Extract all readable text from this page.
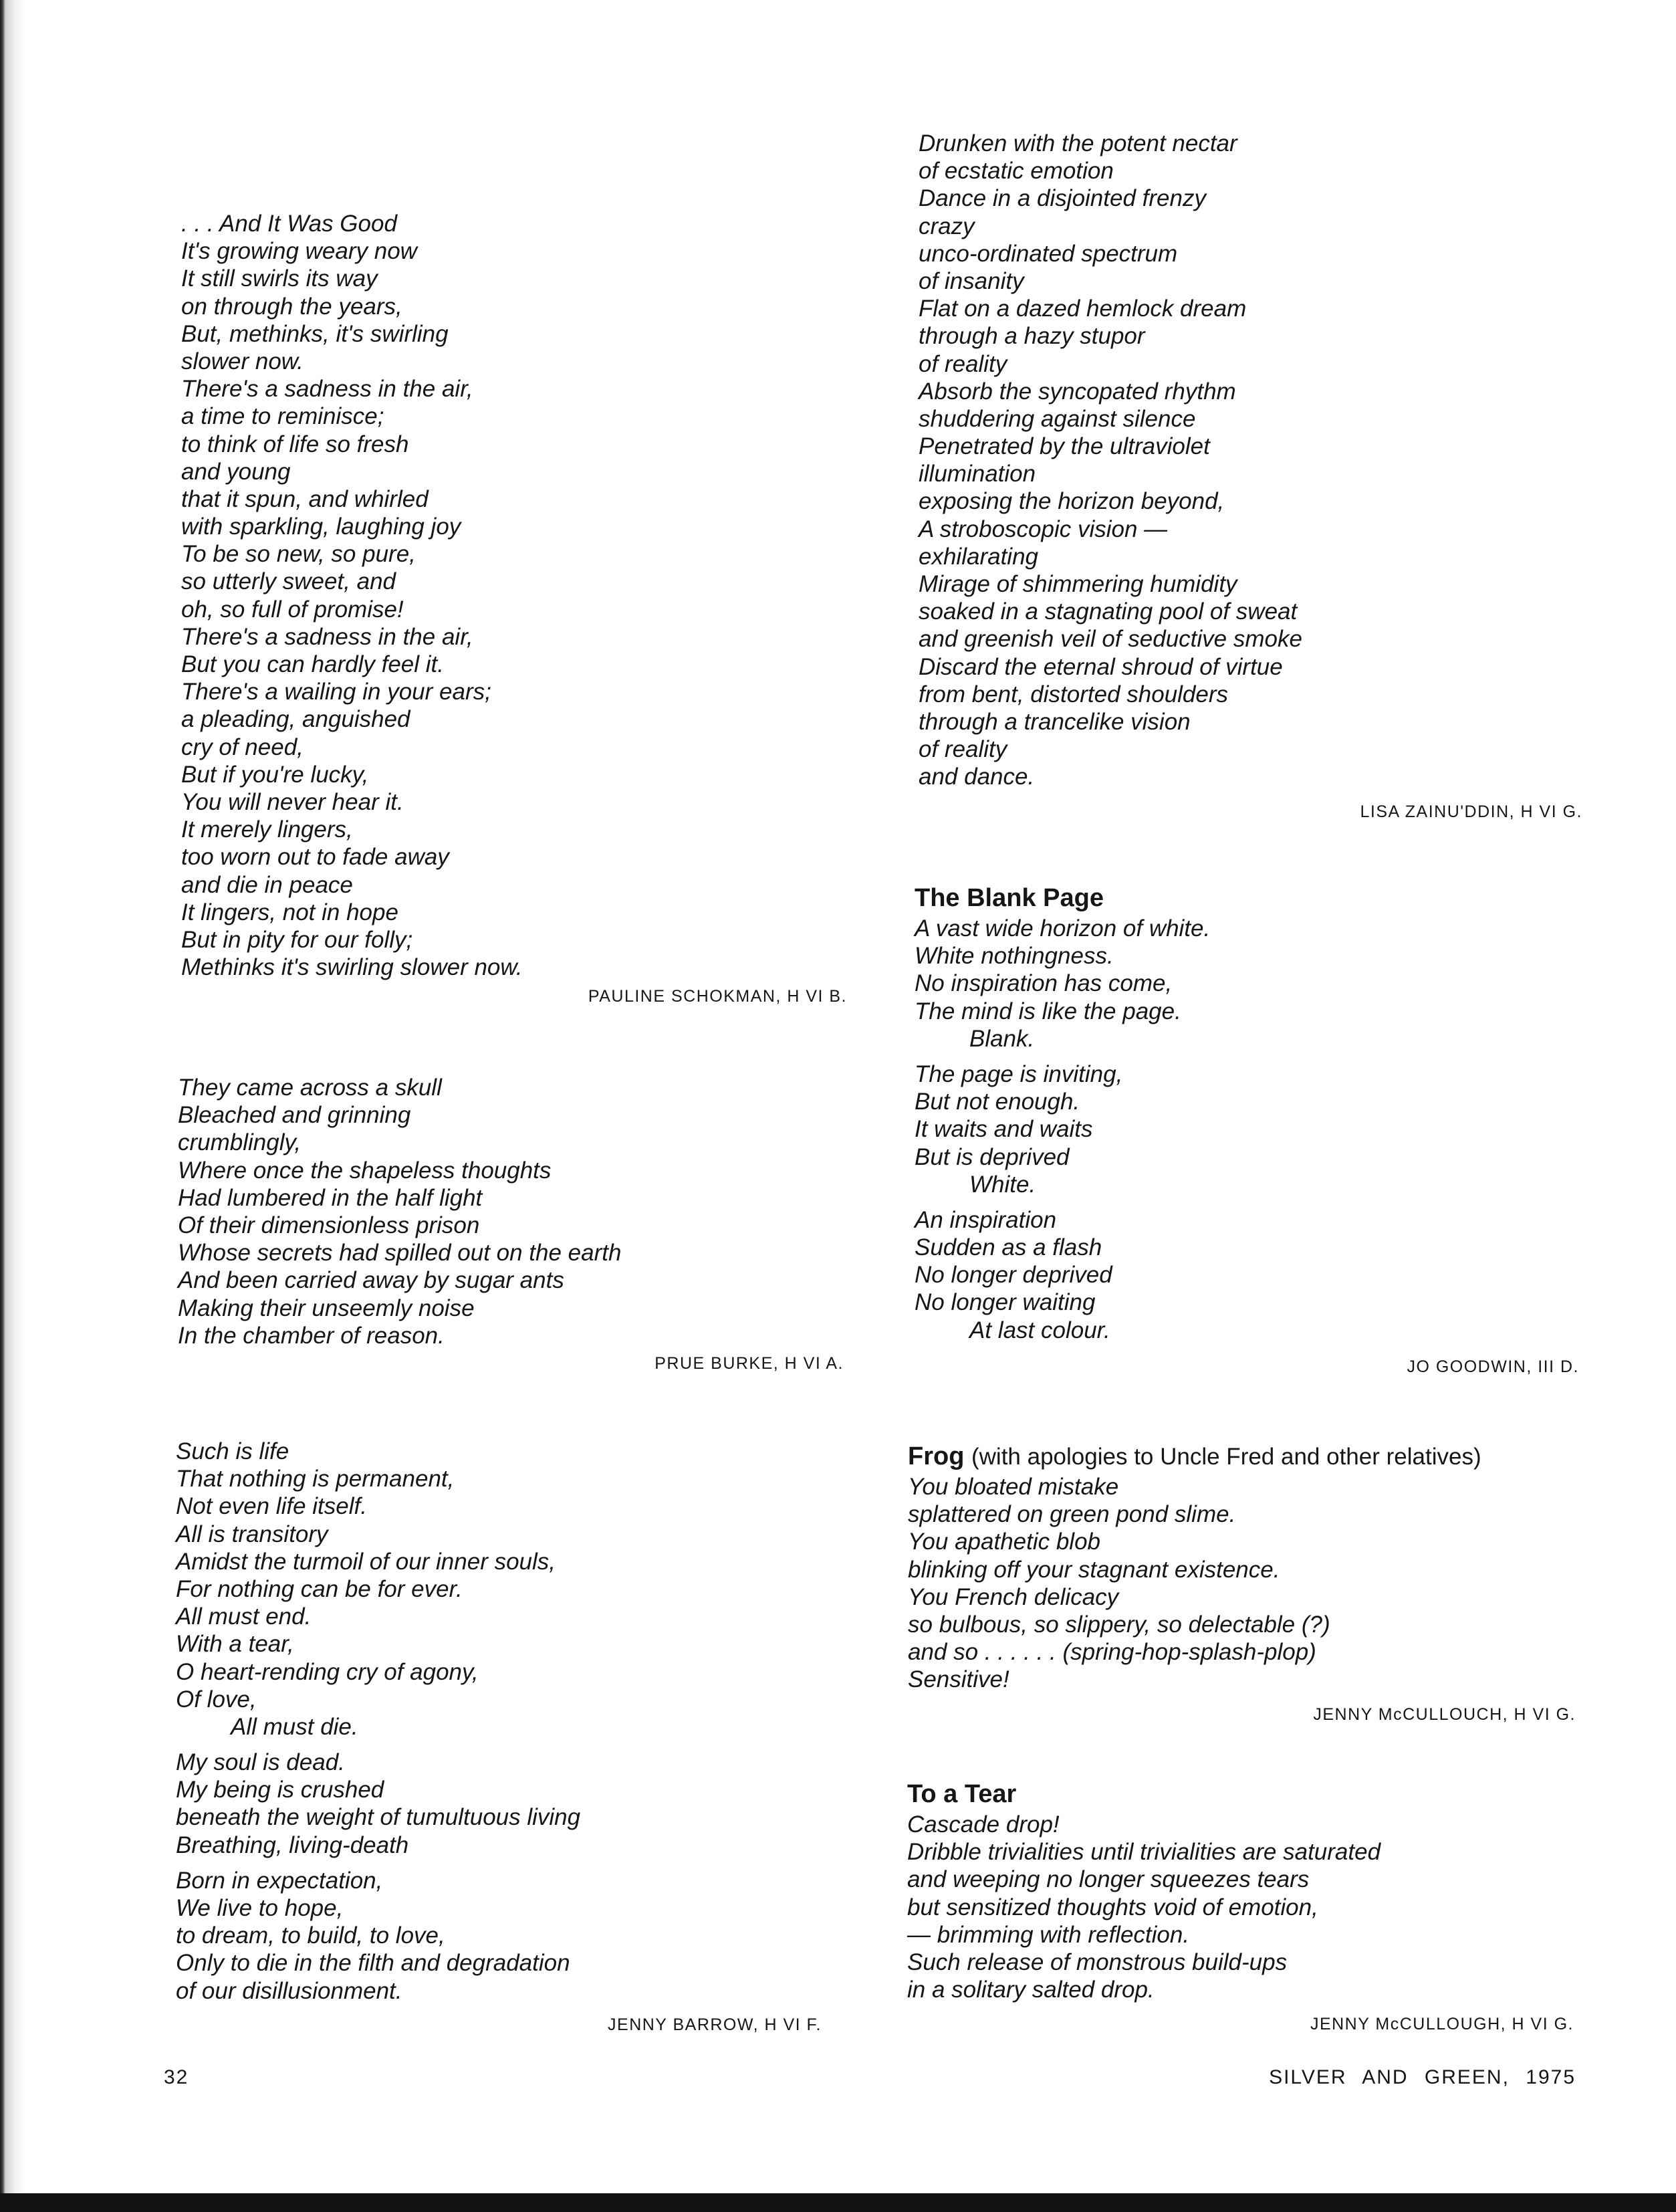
. . . And It Was Good
It's growing weary now
It still swirls its way
on through the years,
But, methinks, it's swirling
slower now.
There's a sadness in the air,
a time to reminisce;
to think of life so fresh
and young
that it spun, and whirled
with sparkling, laughing joy
To be so new, so pure,
so utterly sweet, and
oh, so full of promise!
There's a sadness in the air,
But you can hardly feel it.
There's a wailing in your ears;
a pleading, anguished
cry of need,
But if you're lucky,
You will never hear it.
It merely lingers,
too worn out to fade away
and die in peace
It lingers, not in hope
But in pity for our folly;
Methinks it's swirling slower now.
PAULINE SCHOKMAN, H VI B.
They came across a skull
Bleached and grinning
crumblingly,
Where once the shapeless thoughts
Had lumbered in the half light
Of their dimensionless prison
Whose secrets had spilled out on the earth
And been carried away by sugar ants
Making their unseemly noise
In the chamber of reason.
PRUE BURKE, H VI A.
Such is life
That nothing is permanent,
Not even life itself.
All is transitory
Amidst the turmoil of our inner souls,
For nothing can be for ever.
All must end.
With a tear,
O heart-rending cry of agony,
Of love,
All must die.
My soul is dead.
My being is crushed
beneath the weight of tumultuous living
Breathing, living-death
Born in expectation,
We live to hope,
to dream, to build, to love,
Only to die in the filth and degradation
of our disillusionment.
JENNY BARROW, H VI F.
Drunken with the potent nectar
of ecstatic emotion
Dance in a disjointed frenzy
crazy
unco-ordinated spectrum
of insanity
Flat on a dazed hemlock dream
through a hazy stupor
of reality
Absorb the syncopated rhythm
shuddering against silence
Penetrated by the ultraviolet
illumination
exposing the horizon beyond,
A stroboscopic vision —
exhilarating
Mirage of shimmering humidity
soaked in a stagnating pool of sweat
and greenish veil of seductive smoke
Discard the eternal shroud of virtue
from bent, distorted shoulders
through a trancelike vision
of reality
and dance.
LISA ZAINU'DDIN, H VI G.
The Blank Page
A vast wide horizon of white.
White nothingness.
No inspiration has come,
The mind is like the page.
Blank.
The page is inviting,
But not enough.
It waits and waits
But is deprived
White.
An inspiration
Sudden as a flash
No longer deprived
No longer waiting
At last colour.
JO GOODWIN, III D.
Frog (with apologies to Uncle Fred and other relatives)
You bloated mistake
splattered on green pond slime.
You apathetic blob
blinking off your stagnant existence.
You French delicacy
so bulbous, so slippery, so delectable (?)
and so . . . . . . (spring-hop-splash-plop)
Sensitive!
JENNY McCULLOUCH, H VI G.
To a Tear
Cascade drop!
Dribble trivialities until trivialities are saturated
and weeping no longer squeezes tears
but sensitized thoughts void of emotion,
— brimming with reflection.
Such release of monstrous build-ups
in a solitary salted drop.
JENNY McCULLOUGH, H VI G.
32	SILVER AND GREEN, 1975
